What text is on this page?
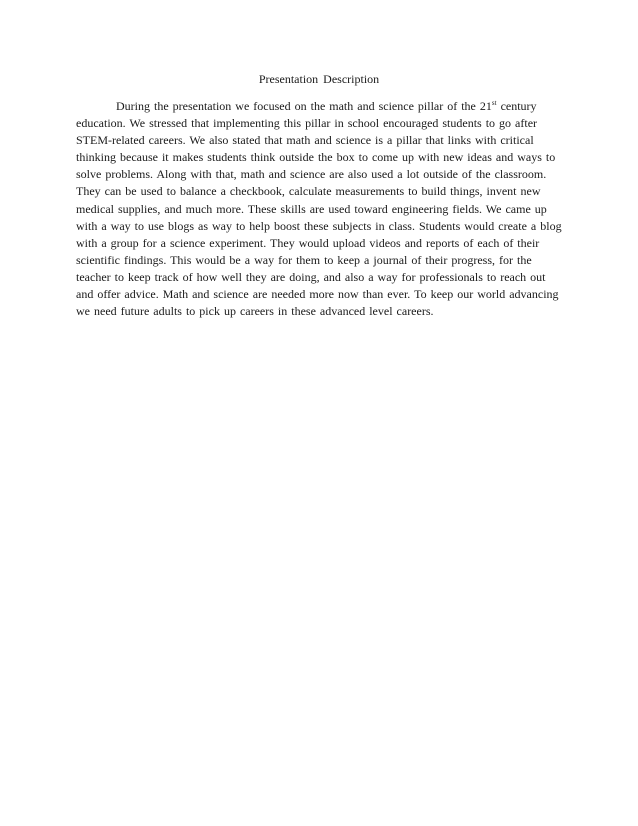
Presentation Description

During the presentation we focused on the math and science pillar of the 21st century education. We stressed that implementing this pillar in school encouraged students to go after STEM-related careers. We also stated that math and science is a pillar that links with critical thinking because it makes students think outside the box to come up with new ideas and ways to solve problems. Along with that, math and science are also used a lot outside of the classroom. They can be used to balance a checkbook, calculate measurements to build things, invent new medical supplies, and much more. These skills are used toward engineering fields. We came up with a way to use blogs as way to help boost these subjects in class. Students would create a blog with a group for a science experiment. They would upload videos and reports of each of their scientific findings. This would be a way for them to keep a journal of their progress, for the teacher to keep track of how well they are doing, and also a way for professionals to reach out and offer advice. Math and science are needed more now than ever. To keep our world advancing we need future adults to pick up careers in these advanced level careers.
